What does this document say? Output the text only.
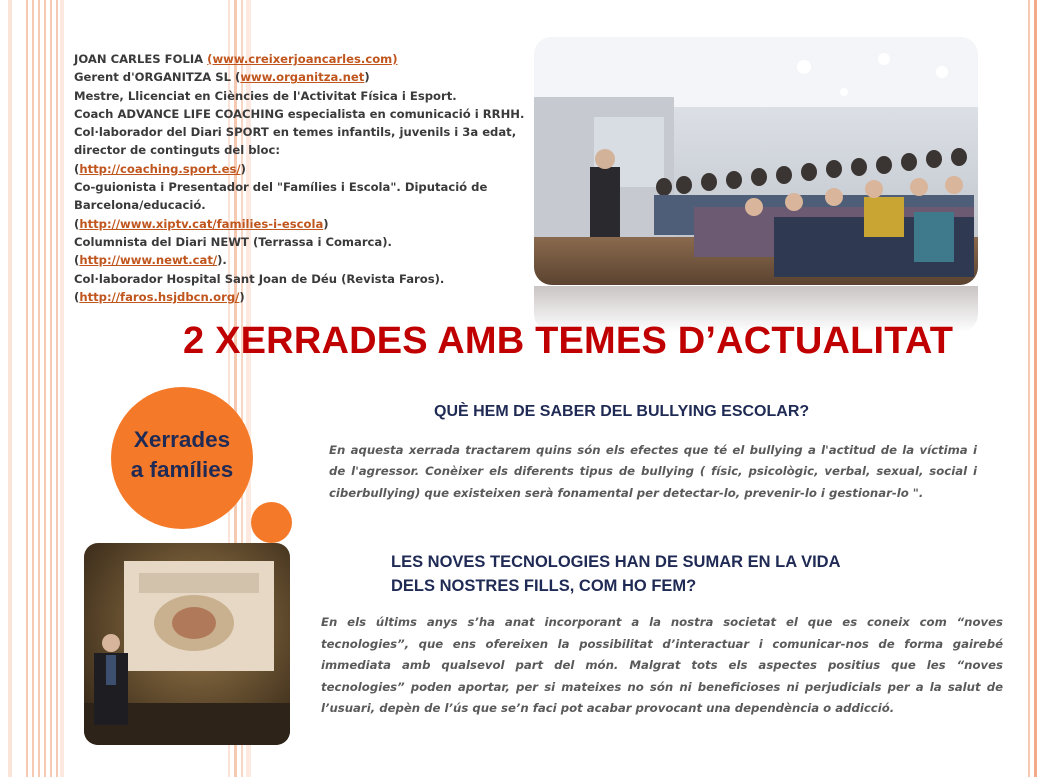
JOAN CARLES FOLIA (www.creixerjoancarles.com)
Gerent d'ORGANITZA SL (www.organitza.net)
Mestre, Llicenciat en Ciències de l'Activitat Física i Esport.
Coach ADVANCE LIFE COACHING especialista en comunicació i RRHH.
Col·laborador del Diari SPORT en temes infantils, juvenils i 3a edat,
director de continguts del bloc:
(http://coaching.sport.es/)
Co-guionista i Presentador del "Famílies i Escola". Diputació de
Barcelona/educació.
(http://www.xiptv.cat/families-i-escola)
Columnista del Diari NEWT (Terrassa i Comarca).
(http://www.newt.cat/).
Col·laborador Hospital Sant Joan de Déu (Revista Faros).
(http://faros.hsjdbcn.org/)
2 XERRADES AMB TEMES D’ACTUALITAT
Xerrades
a famílies
QUÈ HEM DE SABER DEL BULLYING ESCOLAR?
En aquesta xerrada tractarem quins són els efectes que té el bullying a l'actitud de la víctima i
de l'agressor. Conèixer els diferents tipus de bullying ( físic, psicològic, verbal, sexual, social i
ciberbullying) que existeixen serà fonamental per detectar-lo, prevenir-lo i gestionar-lo ".
LES NOVES TECNOLOGIES HAN DE SUMAR EN LA VIDA
DELS NOSTRES FILLS, COM HO FEM?
En els últims anys s’ha anat incorporant a la nostra societat el que es coneix com “noves
tecnologies”, que ens ofereixen la possibilitat d’interactuar i comunicar-nos de forma gairebé
immediata amb qualsevol part del món. Malgrat tots els aspectes positius que les “noves
tecnologies” poden aportar, per si mateixes no són ni beneficioses ni perjudicials per a la salut de
l’usuari, depèn de l’ús que se’n faci pot acabar provocant una dependència o addicció.
